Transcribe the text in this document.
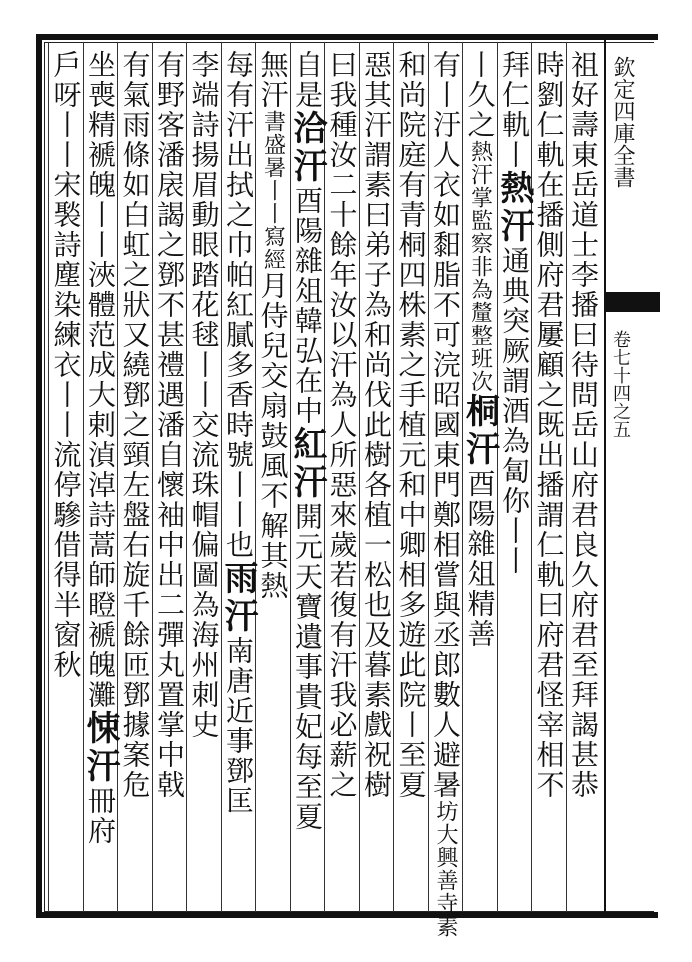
欽定四庫全書
卷七十四之五
祖好壽東岳道士李播曰待問岳山府君良久府君至拜謁甚恭
時劉仁軌在播側府君屢顧之既出播謂仁軌曰府君怪宰相不
拜仁軌丨熱汗通典突厥謂酒為匐你丨丨
丨久之熱汗掌監察非為釐整班次桐汗酉陽雜俎精善
有丨汙人衣如䵒脂不可浣昭國東門鄭相嘗與丞郎數人避暑坊大興善寺素
和尚院庭有青桐四株素之手植元和中卿相多遊此院丨至夏
惡其汗謂素曰弟子為和尚伐此樹各植一松也及暮素戲祝樹
曰我種汝二十餘年汝以汗為人所惡來歲若復有汗我必薪之
自是洽汗酉陽雜俎韓弘在中紅汗開元天寶遺事貴妃每至夏
無汗書盛暑丨丨寫經月侍兒交扇鼓風不解其熱
每有汗出拭之巾帕紅膩多香時號丨丨也雨汗南唐近事鄧匡
李端詩揚眉動眼踏花毬丨丨交流珠帽偏圖為海州刺史
有野客潘扆謁之鄧不甚禮遇潘自懷袖中出二彈丸置掌中戟
有氣雨條如白虹之狀又繞鄧之頸左盤右旋千餘匝鄧據案危
坐喪精褫魄丨丨浹體范成大剌湞淖詩蒿師瞪褫魄灘悚汗冊府
戶呀丨丨宋褧詩塵染練衣丨丨流停驂借得半窗秋
